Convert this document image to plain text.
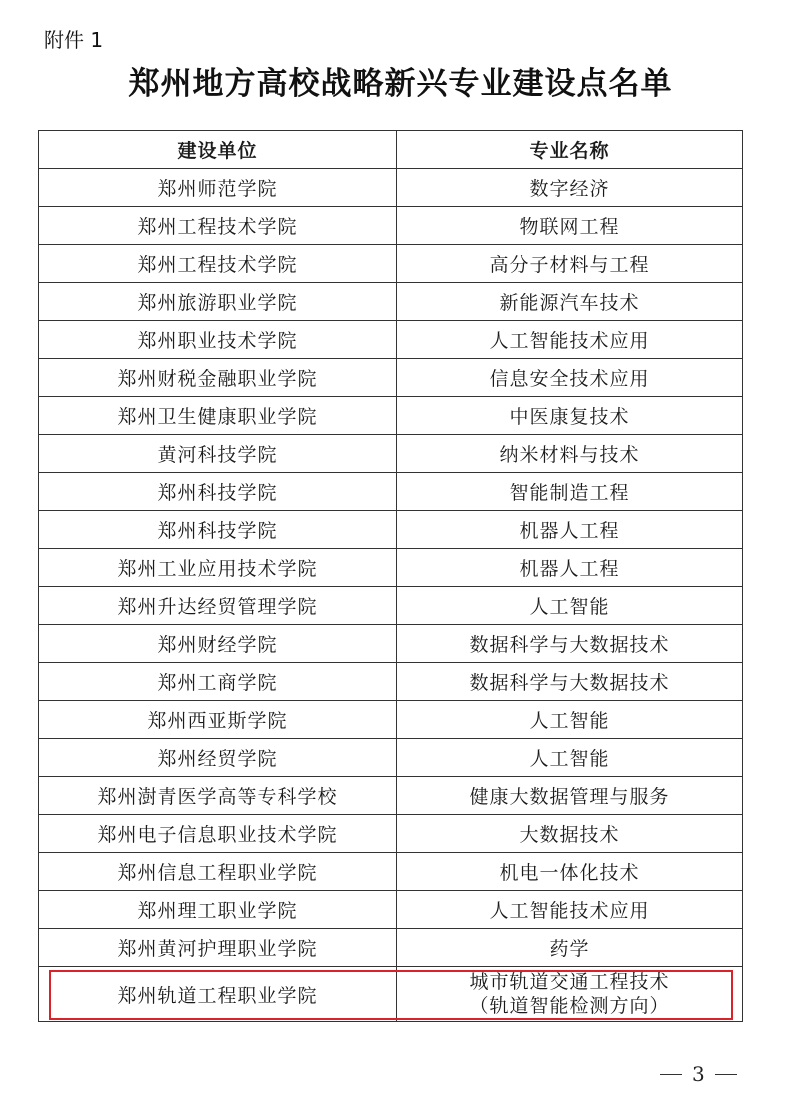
附件 1
郑州地方高校战略新兴专业建设点名单
建设单位	专业名称
郑州师范学院	数字经济
郑州工程技术学院	物联网工程
郑州工程技术学院	高分子材料与工程
郑州旅游职业学院	新能源汽车技术
郑州职业技术学院	人工智能技术应用
郑州财税金融职业学院	信息安全技术应用
郑州卫生健康职业学院	中医康复技术
黄河科技学院	纳米材料与技术
郑州科技学院	智能制造工程
郑州科技学院	机器人工程
郑州工业应用技术学院	机器人工程
郑州升达经贸管理学院	人工智能
郑州财经学院	数据科学与大数据技术
郑州工商学院	数据科学与大数据技术
郑州西亚斯学院	人工智能
郑州经贸学院	人工智能
郑州澍青医学高等专科学校	健康大数据管理与服务
郑州电子信息职业技术学院	大数据技术
郑州信息工程职业学院	机电一体化技术
郑州理工职业学院	人工智能技术应用
郑州黄河护理职业学院	药学
郑州轨道工程职业学院	城市轨道交通工程技术
（轨道智能检测方向）
3
